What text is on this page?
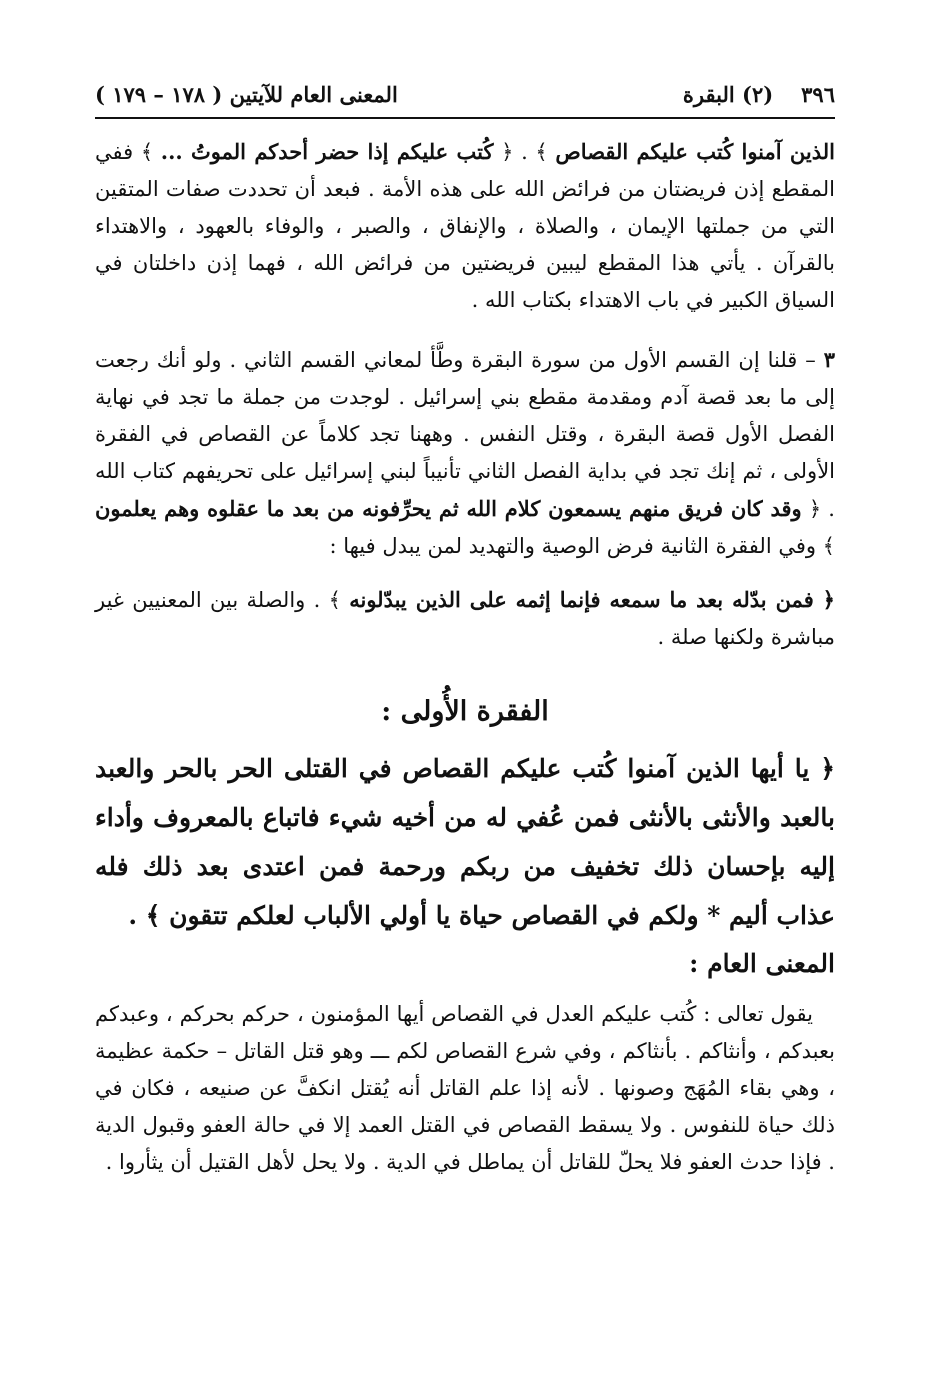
٣٩٦
(٢) البقرة
المعنى العام للآيتين ( ١٧٨ – ١٧٩ )

الذين آمنوا كُتب عليكم القصاص ﴾ . ﴿ كُتب عليكم إذا حضر أحدكم الموتُ ... ﴾ ففي المقطع إذن فريضتان من فرائض الله على هذه الأمة . فبعد أن تحددت صفات المتقين التي من جملتها الإيمان ، والصلاة ، والإنفاق ، والصبر ، والوفاء بالعهود ، والاهتداء بالقرآن . يأتي هذا المقطع ليبين فريضتين من فرائض الله ، فهما إذن داخلتان في السياق الكبير في باب الاهتداء بكتاب الله .

٣ – قلنا إن القسم الأول من سورة البقرة وطَّأ لمعاني القسم الثاني . ولو أنك رجعت إلى ما بعد قصة آدم ومقدمة مقطع بني إسرائيل . لوجدت من جملة ما تجد في نهاية الفصل الأول قصة البقرة ، وقتل النفس . وههنا تجد كلاماً عن القصاص في الفقرة الأولى ، ثم إنك تجد في بداية الفصل الثاني تأنيباً لبني إسرائيل على تحريفهم كتاب الله . ﴿ وقد كان فريق منهم يسمعون كلام الله ثم يحرِّفونه من بعد ما عقلوه وهم يعلمون ﴾ وفي الفقرة الثانية فرض الوصية والتهديد لمن يبدل فيها :

﴿ فمن بدّله بعد ما سمعه فإنما إثمه على الذين يبدّلونه ﴾ . والصلة بين المعنيين غير مباشرة ولكنها صلة .

الفقرة الأُولى :
﴿ يا أيها الذين آمنوا كُتب عليكم القصاص في القتلى الحر بالحر والعبد بالعبد والأنثى بالأنثى فمن عُفي له من أخيه شيء فاتباع بالمعروف وأداء إليه بإحسان ذلك تخفيف من ربكم ورحمة فمن اعتدى بعد ذلك فله عذاب أليم * ولكم في القصاص حياة يا أولي الألباب لعلكم تتقون ﴾ .
المعنى العام :
يقول تعالى : كُتب عليكم العدل في القصاص أيها المؤمنون ، حركم بحركم ، وعبدكم بعبدكم ، وأنثاكم . بأنثاكم ، وفي شرع القصاص لكم ـــ وهو قتل القاتل – حكمة عظيمة ، وهي بقاء المُهَج وصونها . لأنه إذا علم القاتل أنه يُقتل انكفَّ عن صنيعه ، فكان في ذلك حياة للنفوس . ولا يسقط القصاص في القتل العمد إلا في حالة العفو وقبول الدية . فإذا حدث العفو فلا يحلّ للقاتل أن يماطل في الدية . ولا يحل لأهل القتيل أن يثأروا .
